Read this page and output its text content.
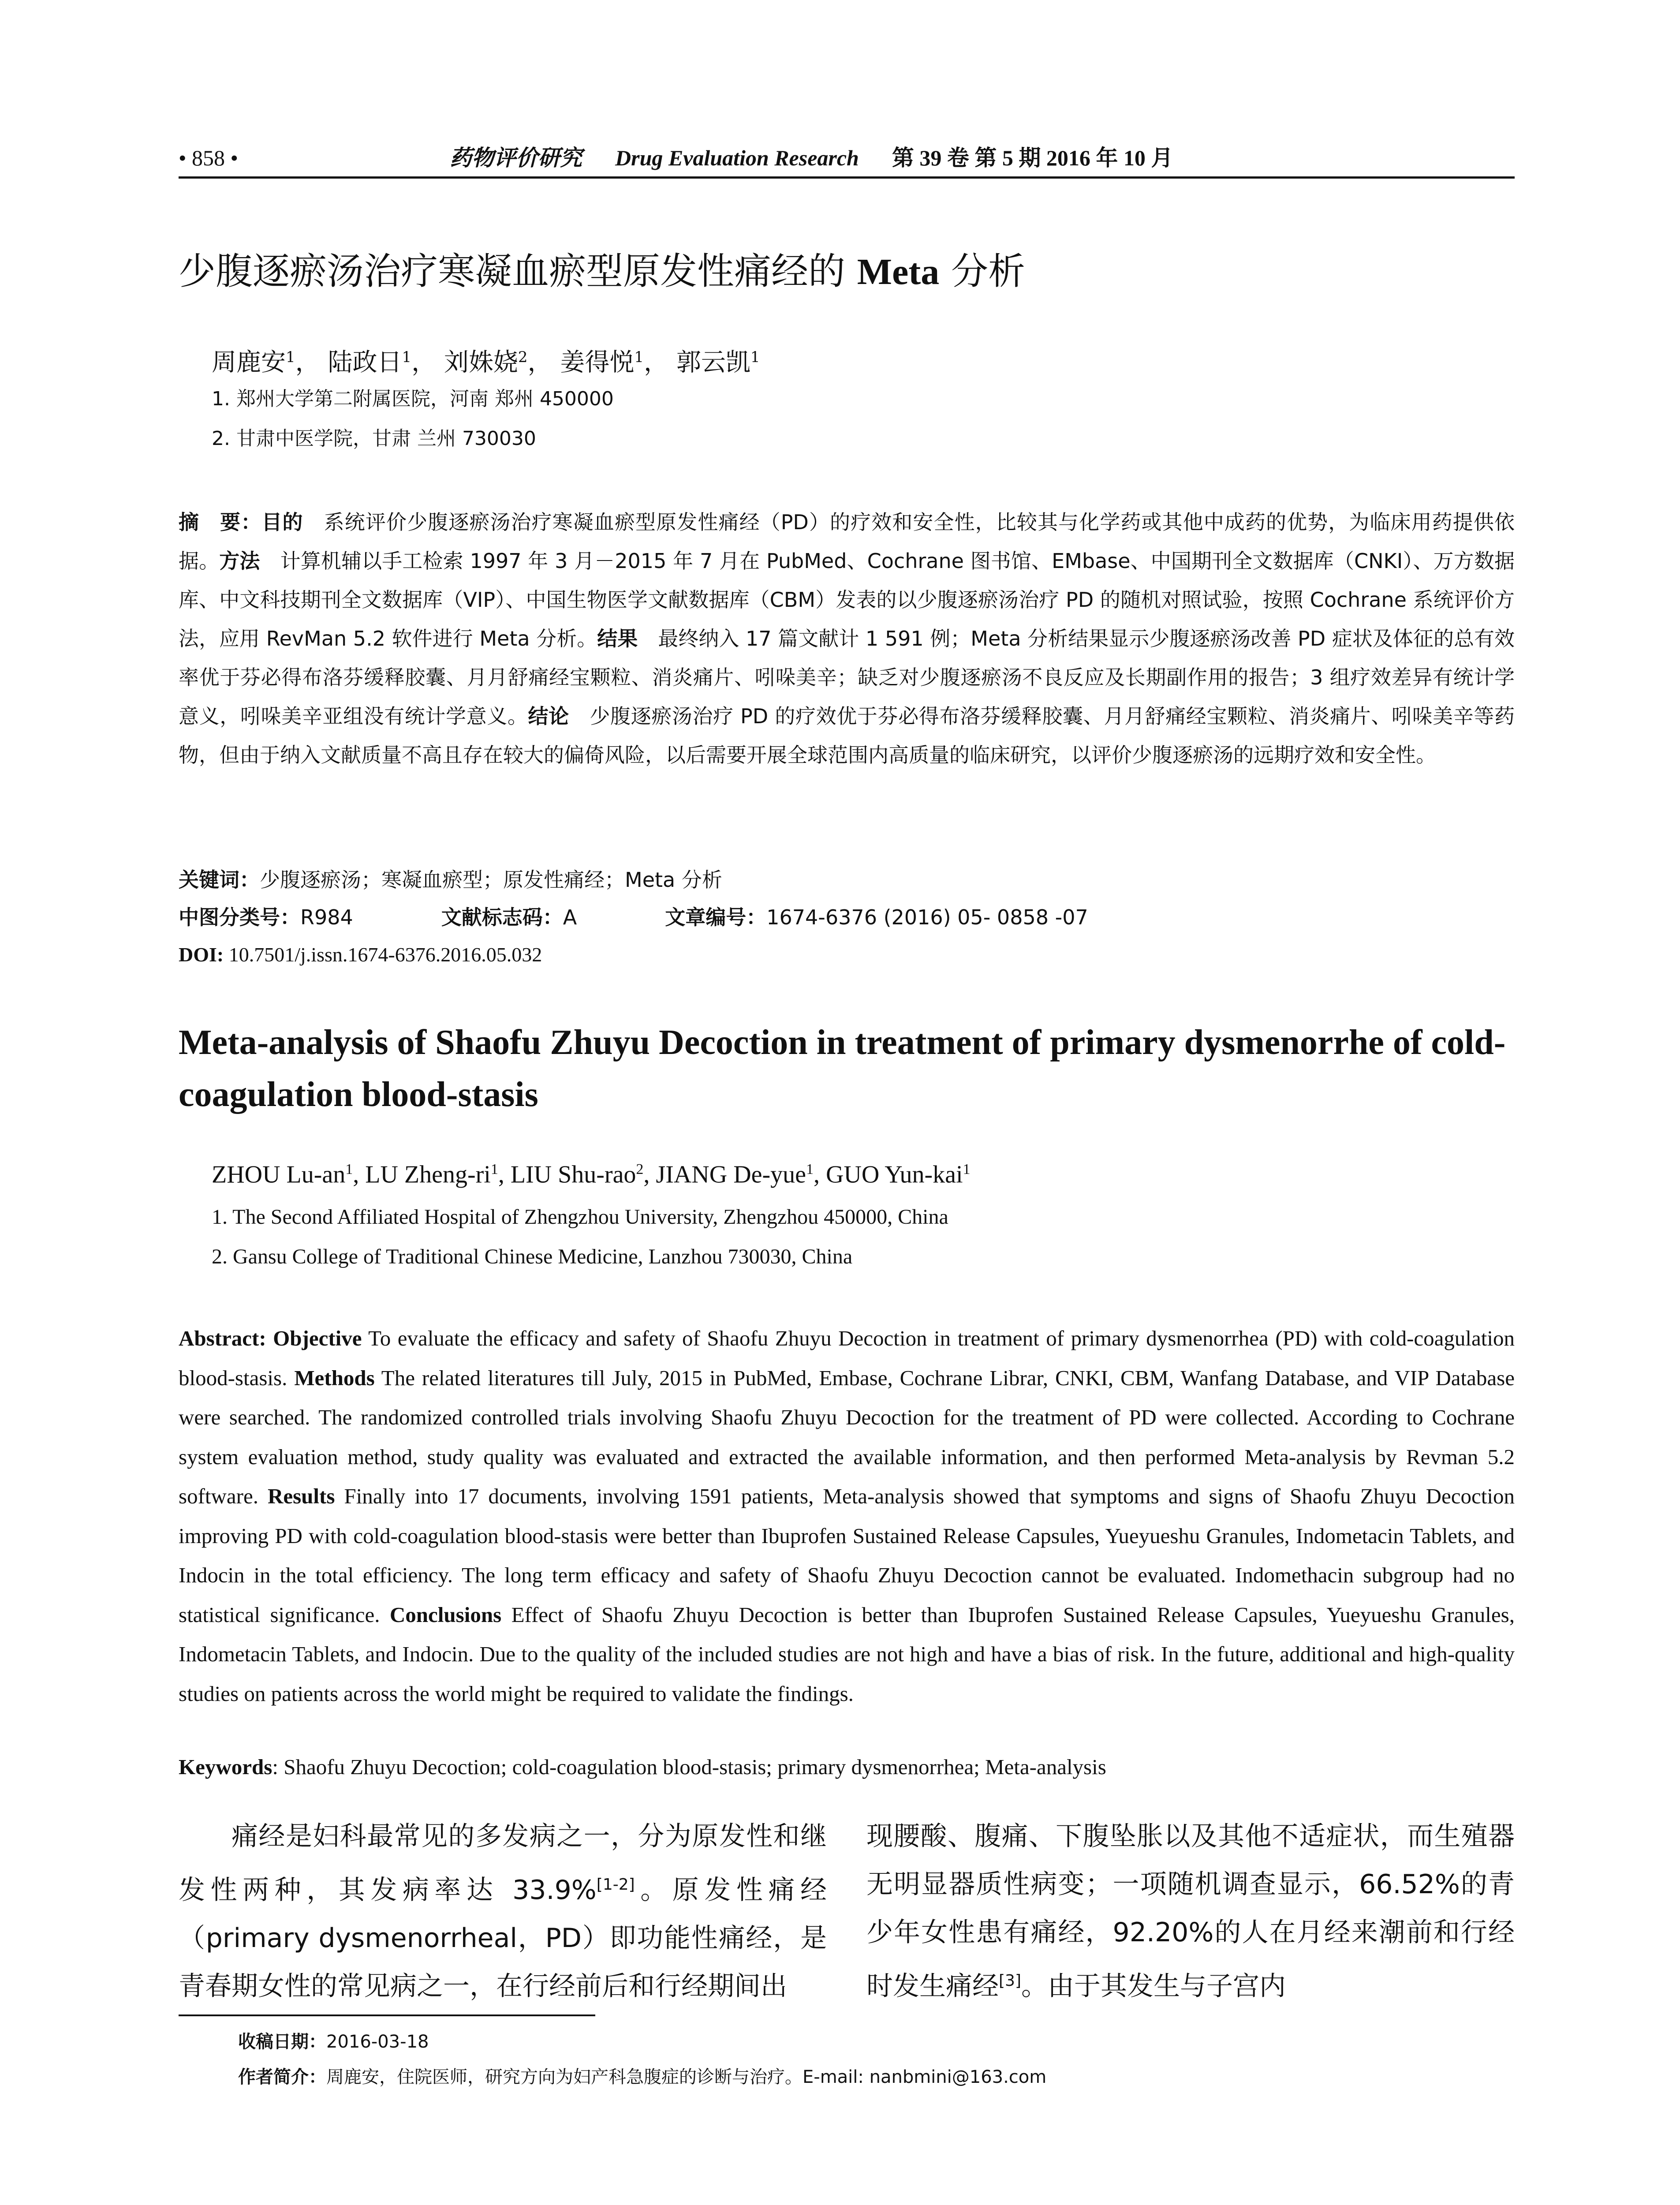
• 858 •	药物评价研究 Drug Evaluation Research 第 39 卷 第 5 期 2016 年 10 月
少腹逐瘀汤治疗寒凝血瘀型原发性痛经的 Meta 分析
周鹿安$^1$， 陆政日$^1$， 刘姝娆$^2$， 姜得悦$^1$， 郭云凯$^1$
1. 郑州大学第二附属医院，河南 郑州 450000
2. 甘肃中医学院，甘肃 兰州 730030
摘　要：目的　系统评价少腹逐瘀汤治疗寒凝血瘀型原发性痛经（PD）的疗效和安全性，比较其与化学药或其他中成药的优势，为临床用药提供依据。方法　计算机辅以手工检索 1997 年 3 月－2015 年 7 月在 PubMed、Cochrane 图书馆、EMbase、中国期刊全文数据库（CNKI）、万方数据库、中文科技期刊全文数据库（VIP）、中国生物医学文献数据库（CBM）发表的以少腹逐瘀汤治疗 PD 的随机对照试验，按照 Cochrane 系统评价方法，应用 RevMan 5.2 软件进行 Meta 分析。结果　最终纳入 17 篇文献计 1 591 例；Meta 分析结果显示少腹逐瘀汤改善 PD 症状及体征的总有效率优于芬必得布洛芬缓释胶囊、月月舒痛经宝颗粒、消炎痛片、吲哚美辛；缺乏对少腹逐瘀汤不良反应及长期副作用的报告；3 组疗效差异有统计学意义，吲哚美辛亚组没有统计学意义。结论　少腹逐瘀汤治疗 PD 的疗效优于芬必得布洛芬缓释胶囊、月月舒痛经宝颗粒、消炎痛片、吲哚美辛等药物，但由于纳入文献质量不高且存在较大的偏倚风险，以后需要开展全球范围内高质量的临床研究，以评价少腹逐瘀汤的远期疗效和安全性。
关键词：少腹逐瘀汤；寒凝血瘀型；原发性痛经；Meta 分析
中图分类号：R984	文献标志码：A	文章编号：1674-6376 (2016) 05- 0858 -07
DOI: 10.7501/j.issn.1674-6376.2016.05.032
Meta-analysis of Shaofu Zhuyu Decoction in treatment of primary dysmenorrhe of cold-coagulation blood-stasis
ZHOU $Lu-an^1$, LU Zheng-$ri^1$, LIU Shu-rao$^2$, JIANG De-yue$^1$, GUO Yun-kai$^1$
1. The Second Affiliated Hospital of Zhengzhou University, Zhengzhou 450000, China
2. Gansu College of Traditional Chinese Medicine, Lanzhou 730030, China
Abstract: Objective To evaluate the efficacy and safety of Shaofu Zhuyu Decoction in treatment of primary dysmenorrhea (PD) with cold-coagulation blood-stasis. Methods The related literatures till July, 2015 in PubMed, Embase, Cochrane Librar, CNKI, CBM, Wanfang Database, and VIP Database were searched. The randomized controlled trials involving Shaofu Zhuyu Decoction for the treatment of PD were collected. According to Cochrane system evaluation method, study quality was evaluated and extracted the available information, and then performed Meta-analysis by Revman 5.2 software. Results Finally into 17 documents, involving 1591 patients, Meta-analysis showed that symptoms and signs of Shaofu Zhuyu Decoction improving PD with cold-coagulation blood-stasis were better than Ibuprofen Sustained Release Capsules, Yueyueshu Granules, Indometacin Tablets, and Indocin in the total efficiency. The long term efficacy and safety of Shaofu Zhuyu Decoction cannot be evaluated. Indomethacin subgroup had no statistical significance. Conclusions Effect of Shaofu Zhuyu Decoction is better than Ibuprofen Sustained Release Capsules, Yueyueshu Granules, Indometacin Tablets, and Indocin. Due to the quality of the included studies are not high and have a bias of risk. In the future, additional and high-quality studies on patients across the world might be required to validate the findings.
Keywords: Shaofu Zhuyu Decoction; cold-coagulation blood-stasis; primary dysmenorrhea; Meta-analysis
痛经是妇科最常见的多发病之一，分为原发性和继发性两种，其发病率达 33.9%[1-2]。原发性痛经（primary dysmenorrheal，PD）即功能性痛经，是青春期女性的常见病之一，在行经前后和行经期间出
现腰酸、腹痛、下腹坠胀以及其他不适症状，而生殖器无明显器质性病变；一项随机调查显示，66.52%的青少年女性患有痛经，92.20%的人在月经来潮前和行经时发生痛经[3]。由于其发生与子宫内
收稿日期：2016-03-18
作者简介：周鹿安，住院医师，研究方向为妇产科急腹症的诊断与治疗。E-mail: nanbmini@163.com
